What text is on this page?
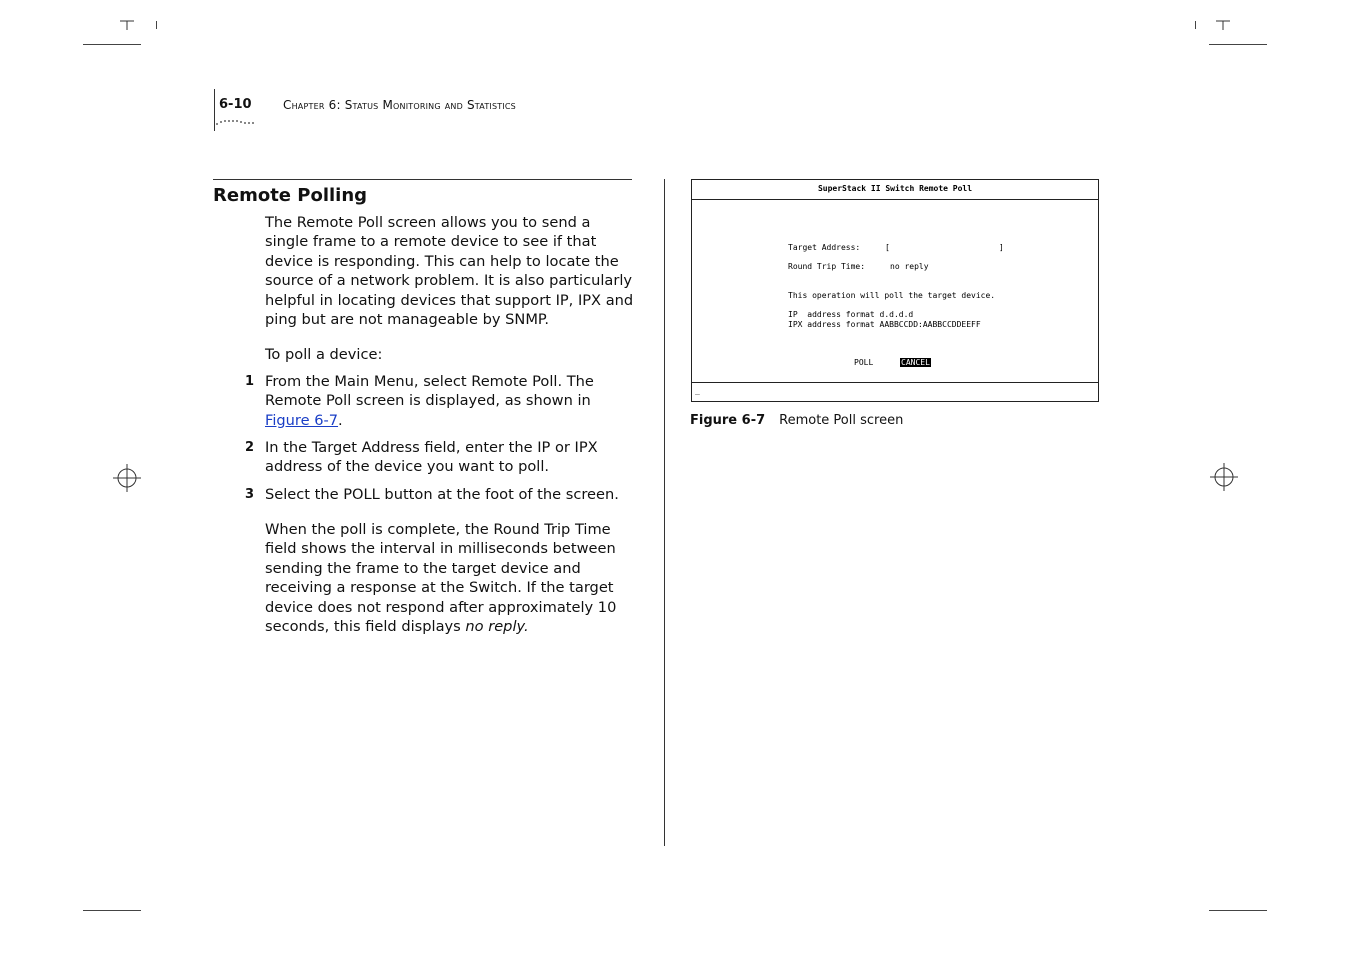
6-10	Chapter 6: Status Monitoring and Statistics
Remote Polling
The Remote Poll screen allows you to send a single frame to a remote device to see if that device is responding. This can help to locate the source of a network problem. It is also particularly helpful in locating devices that support IP, IPX and ping but are not manageable by SNMP.
To poll a device:
1 From the Main Menu, select Remote Poll. The Remote Poll screen is displayed, as shown in Figure 6-7.
2 In the Target Address field, enter the IP or IPX address of the device you want to poll.
3 Select the POLL button at the foot of the screen.
When the poll is complete, the Round Trip Time field shows the interval in milliseconds between sending the frame to the target device and receiving a response at the Switch. If the target device does not respond after approximately 10 seconds, this field displays no reply.
SuperStack II Switch Remote Poll
Target Address:	[	]
Round Trip Time:	no reply
This operation will poll the target device.
IP  address format d.d.d.d
IPX address format AABBCCDD:AABBCCDDEEFF
POLL	CANCEL
_
Figure 6-7 Remote Poll screen
